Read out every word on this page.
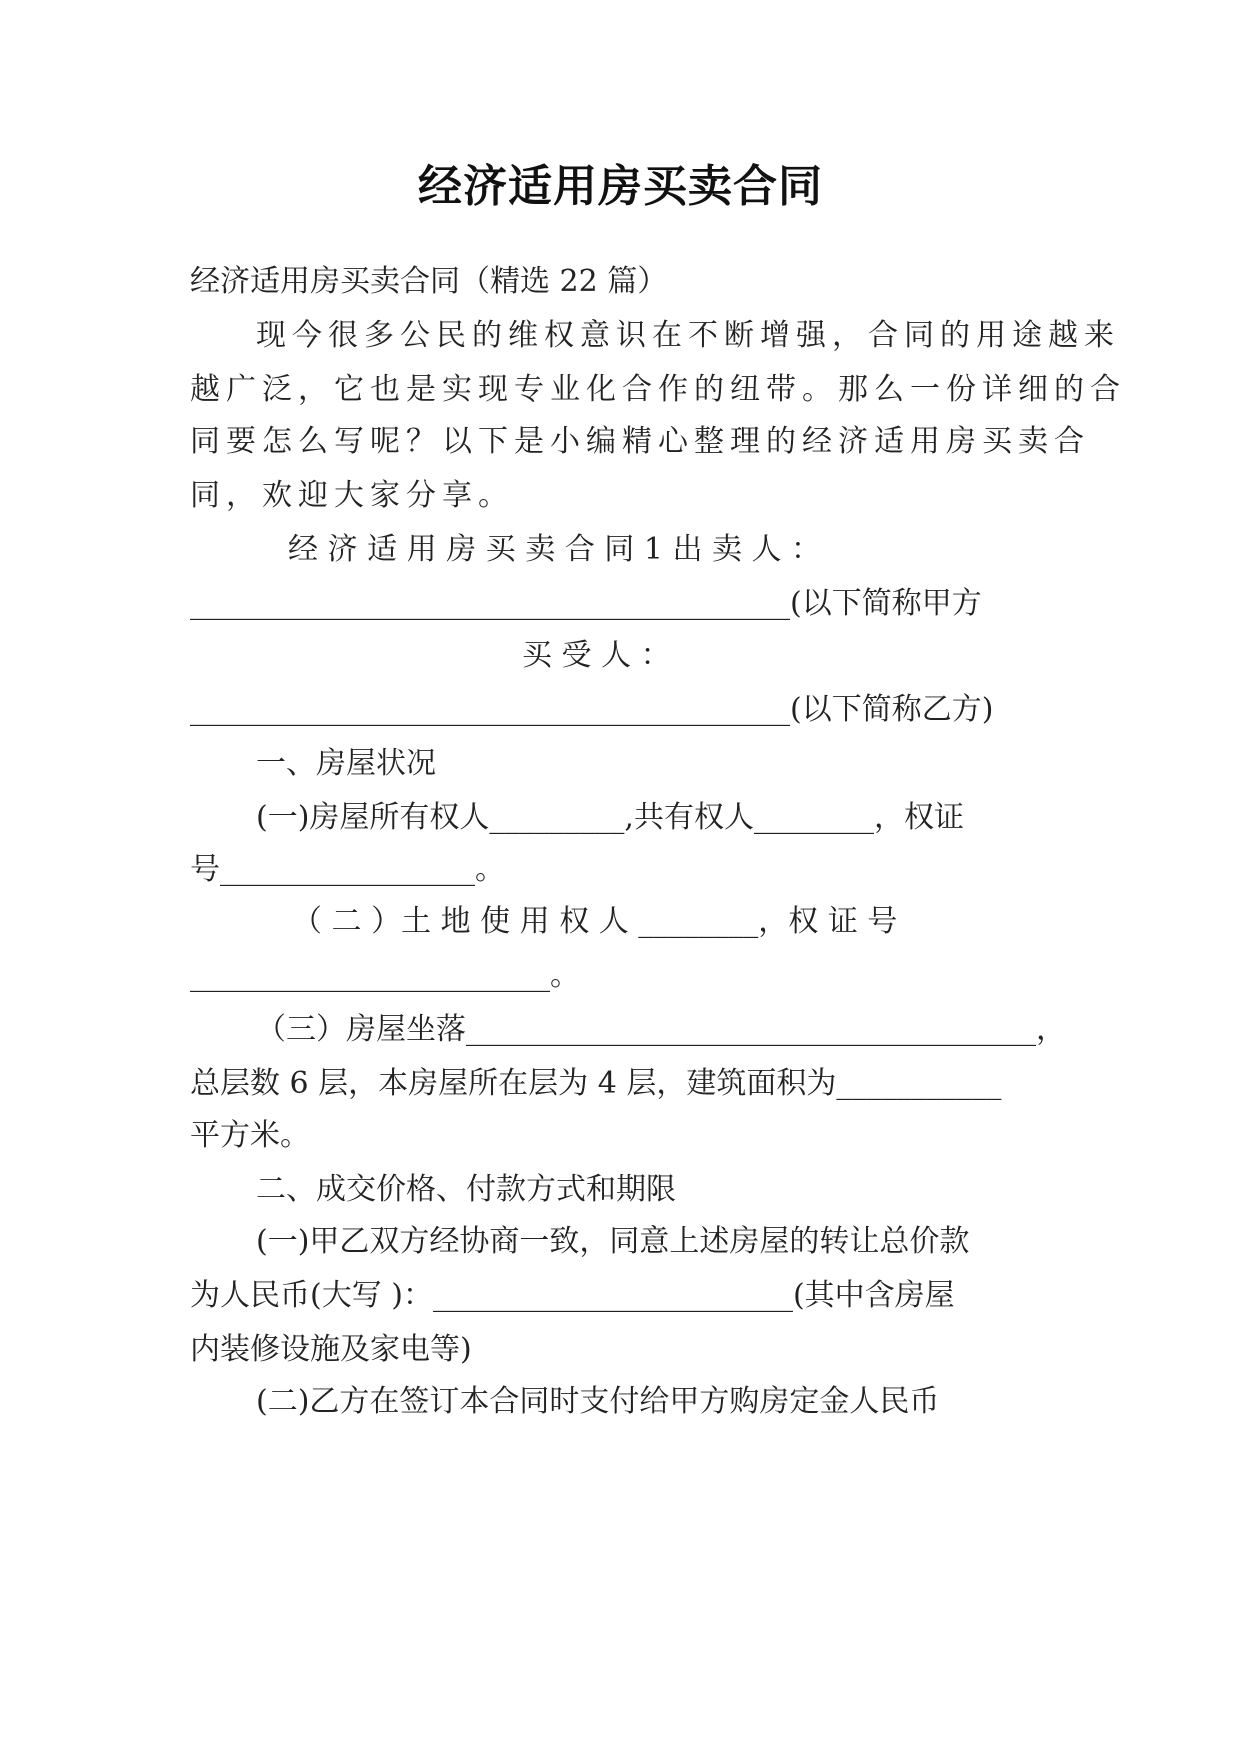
经济适用房买卖合同
经济适用房买卖合同（精选 22 篇）
现今很多公民的维权意识在不断增强，合同的用途越来
越广泛，它也是实现专业化合作的纽带。那么一份详细的合
同要怎么写呢？以下是小编精心整理的经济适用房买卖合
同，欢迎大家分享。
经 济 适 用 房 买 卖 合 同 1 出 卖 人 ：
________________________________________(以下简称甲方
买 受 人 ：
________________________________________(以下简称乙方)
一、房屋状况
(一)房屋所有权人_________,共有权人________，权证
号_________________。
（ 二 ）土 地 使 用 权 人 ________，权 证 号
________________________。
（三）房屋坐落______________________________________，
总层数 6 层，本房屋所在层为 4 层，建筑面积为___________
平方米。
二、成交价格、付款方式和期限
(一)甲乙双方经协商一致，同意上述房屋的转让总价款
为人民币(大写 )：________________________(其中含房屋
内装修设施及家电等)
(二)乙方在签订本合同时支付给甲方购房定金人民币
